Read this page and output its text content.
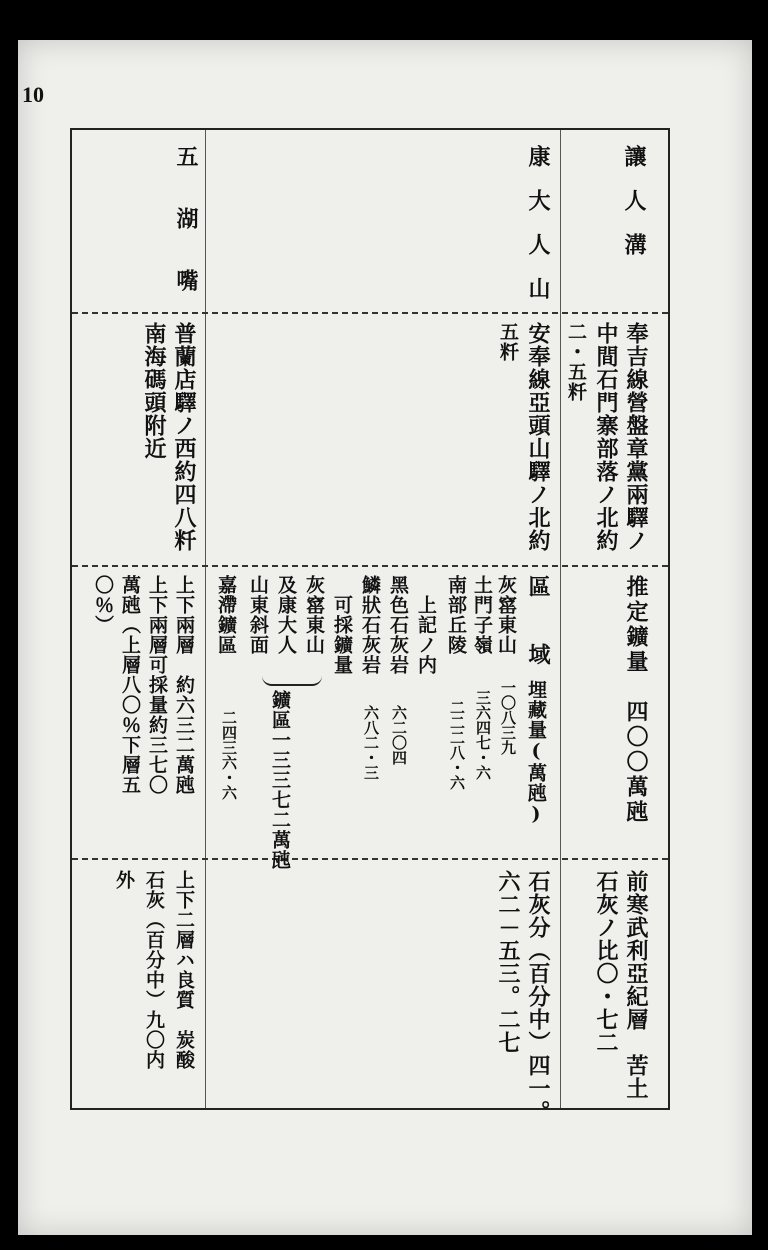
10
讓人溝
奉吉線營盤章黨兩驛ノ
中間石門寨部落ノ北約
二・五粁
推定鑛量　四〇〇萬瓲
前寒武利亞紀層　苦土
石灰ノ比〇・七二
康大人山
安奉線亞頭山驛ノ北約
五粁
區　域
埋藏量(萬瓲)
灰窰東山
一〇八三九
土門子嶺
三六四七・六
南部丘陵
二二二八・六
上記ノ内
黑色石灰岩
六二〇四
鱗狀石灰岩
六八二・三
可採鑛量
灰窰東山
及康大人
鑛區一三三七二萬瓲
山東斜面
嘉滯鑛區
二四三六・六
石灰分（百分中）四一。
六二－五三。二七
五湖嘴
普蘭店驛ノ西約四八粁
南海碼頭附近
上下兩層　約六三二萬瓲
上下兩層可採量約三七〇
萬瓲（上層八〇％下層五
〇％）
上下二層ハ良質　炭酸
石灰（百分中）九〇内
外
